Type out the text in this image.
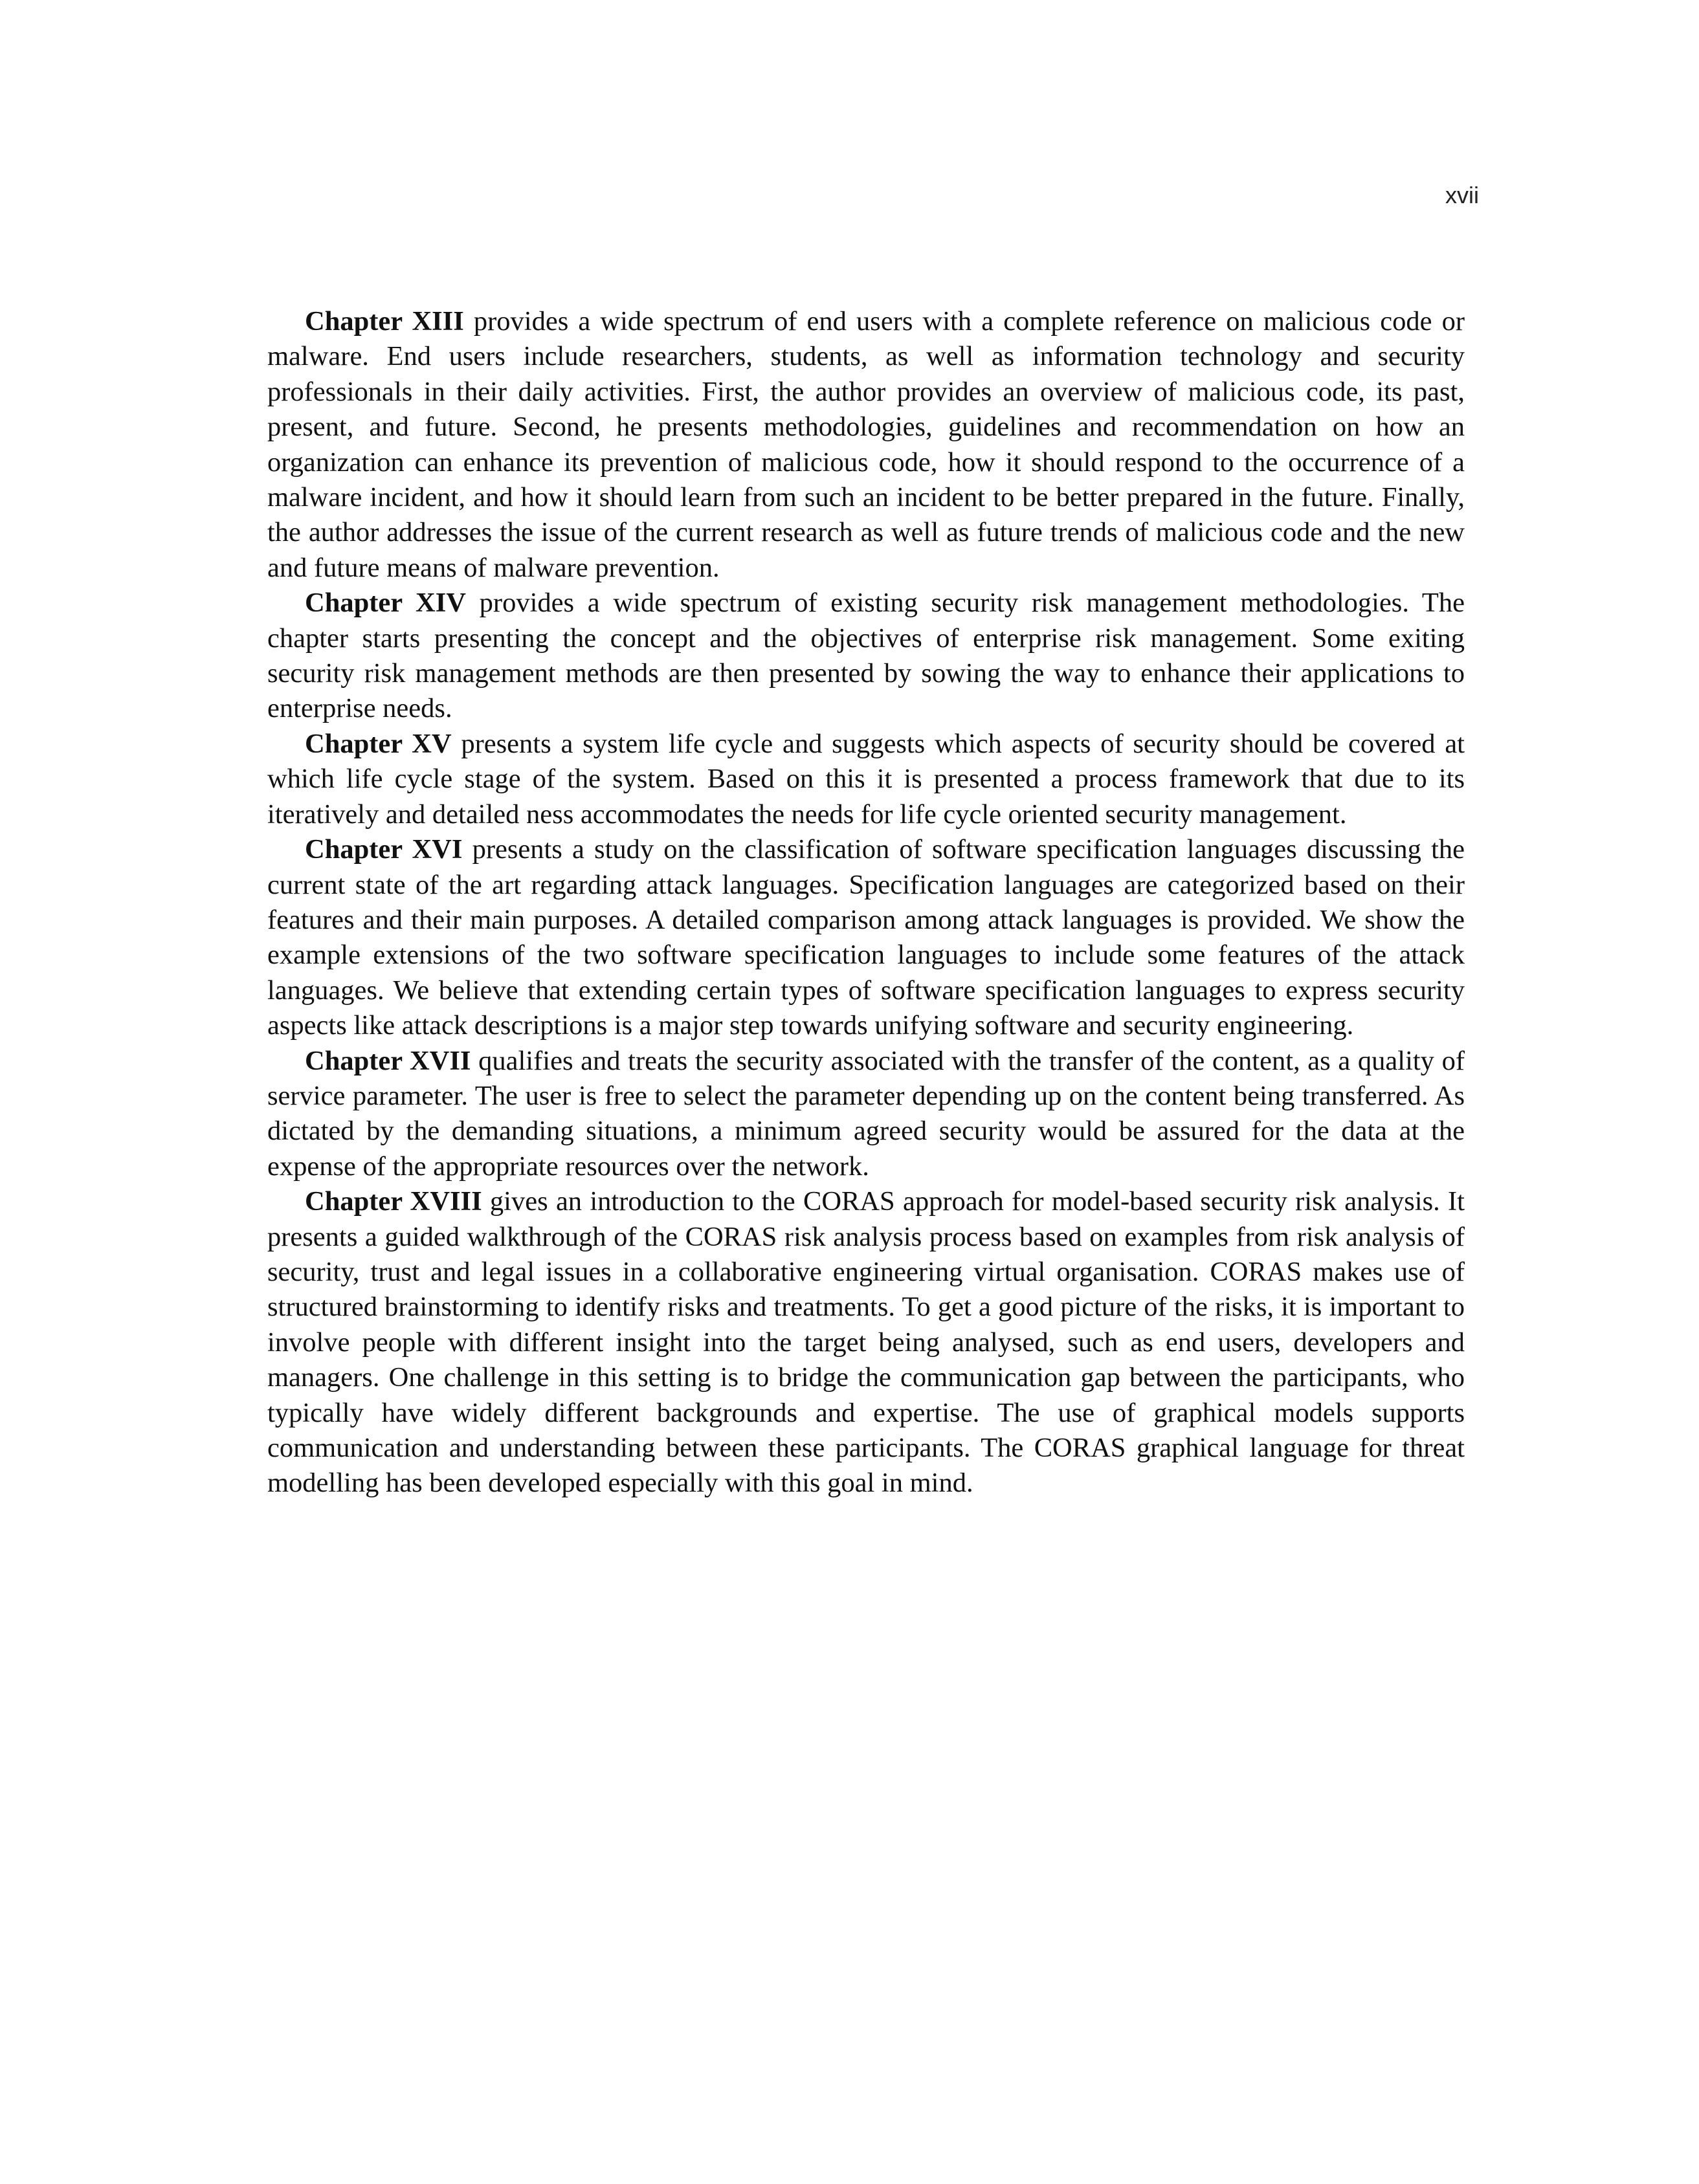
xvii

Chapter XIII provides a wide spectrum of end users with a complete reference on malicious code or malware. End users include researchers, students, as well as information technology and security professionals in their daily activities. First, the author provides an overview of malicious code, its past, present, and future. Second, he presents methodologies, guidelines and recommendation on how an organization can enhance its prevention of malicious code, how it should respond to the occurrence of a malware incident, and how it should learn from such an incident to be better prepared in the future. Finally, the author addresses the issue of the current research as well as future trends of malicious code and the new and future means of malware prevention.

Chapter XIV provides a wide spectrum of existing security risk management methodologies. The chapter starts presenting the concept and the objectives of enterprise risk management. Some exiting security risk management methods are then presented by sowing the way to enhance their applications to enterprise needs.

Chapter XV presents a system life cycle and suggests which aspects of security should be covered at which life cycle stage of the system. Based on this it is presented a process framework that due to its iteratively and detailed ness accommodates the needs for life cycle oriented security management.

Chapter XVI presents a study on the classification of software specification languages discussing the current state of the art regarding attack languages. Specification languages are categorized based on their features and their main purposes. A detailed comparison among attack languages is provided. We show the example extensions of the two software specification languages to include some features of the attack languages. We believe that extending certain types of software specification languages to express security aspects like attack descriptions is a major step towards unifying software and security engineering.

Chapter XVII qualifies and treats the security associated with the transfer of the content, as a quality of service parameter. The user is free to select the parameter depending up on the content being transferred. As dictated by the demanding situations, a minimum agreed security would be assured for the data at the expense of the appropriate resources over the network.

Chapter XVIII gives an introduction to the CORAS approach for model-based security risk analysis. It presents a guided walkthrough of the CORAS risk analysis process based on examples from risk analysis of security, trust and legal issues in a collaborative engineering virtual organisation. CORAS makes use of structured brainstorming to identify risks and treatments. To get a good picture of the risks, it is important to involve people with different insight into the target being analysed, such as end users, developers and managers. One challenge in this setting is to bridge the communication gap between the participants, who typically have widely different backgrounds and expertise. The use of graphical models supports communication and understanding between these participants. The CORAS graphical language for threat modelling has been developed especially with this goal in mind.
